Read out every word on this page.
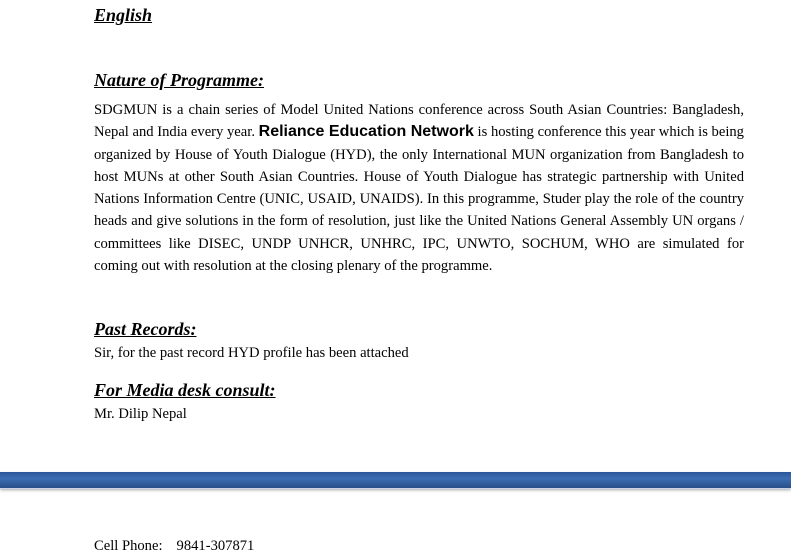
English

Nature of Programme:

SDGMUN is a chain series of Model United Nations conference across South Asian Countries: Bangladesh, Nepal and India every year. Reliance Education Network is hosting conference this year which is being organized by House of Youth Dialogue (HYD), the only International MUN organization from Bangladesh to host MUNs at other South Asian Countries. House of Youth Dialogue has strategic partnership with United Nations Information Centre (UNIC, USAID, UNAIDS). In this programme, Studer play the role of the country heads and give solutions in the form of resolution, just like the United Nations General Assembly UN organs / committees like DISEC, UNDP UNHCR, UNHRC, IPC, UNWTO, SOCHUM, WHO are simulated for coming out with resolution at the closing plenary of the programme.

Past Records:

Sir, for the past record HYD profile has been attached

For Media desk consult:

Mr. Dilip Nepal

Cell Phone: 9841-307871
